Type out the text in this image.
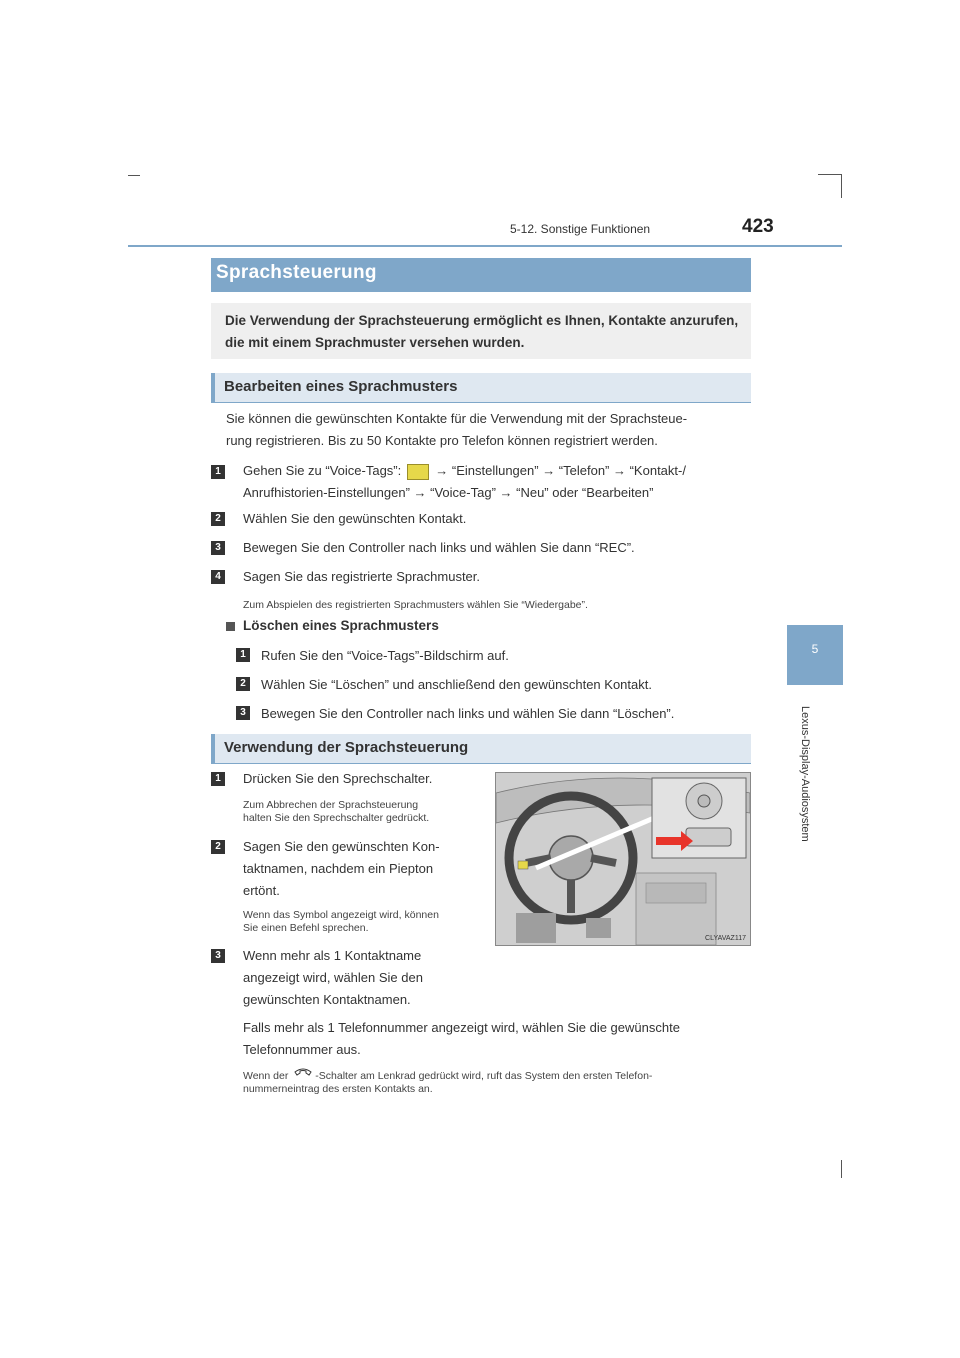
5-12. Sonstige Funktionen	423
5
Lexus-Display-Audiosystem
Sprachsteuerung
Die Verwendung der Sprachsteuerung ermöglicht es Ihnen, Kontakte anzurufen, die mit einem Sprachmuster versehen wurden.
Bearbeiten eines Sprachmusters
Sie können die gewünschten Kontakte für die Verwendung mit der Sprachsteue-
rung registrieren. Bis zu 50 Kontakte pro Telefon können registriert werden.
1	Gehen Sie zu “Voice-Tags”:	→ “Einstellungen” → “Telefon” → “Kontakt-/
Anrufhistorien-Einstellungen” → “Voice-Tag” → “Neu” oder “Bearbeiten”
2	Wählen Sie den gewünschten Kontakt.
3	Bewegen Sie den Controller nach links und wählen Sie dann “REC”.
4	Sagen Sie das registrierte Sprachmuster.
Zum Abspielen des registrierten Sprachmusters wählen Sie “Wiedergabe”.
Löschen eines Sprachmusters
1	Rufen Sie den “Voice-Tags”-Bildschirm auf.
2	Wählen Sie “Löschen” und anschließend den gewünschten Kontakt.
3	Bewegen Sie den Controller nach links und wählen Sie dann “Löschen”.
Verwendung der Sprachsteuerung
1	Drücken Sie den Sprechschalter.
Zum Abbrechen der Sprachsteuerung
halten Sie den Sprechschalter gedrückt.
2	Sagen Sie den gewünschten Kon-
taktnamen, nachdem ein Piepton
ertönt.
Wenn das Symbol angezeigt wird, können
Sie einen Befehl sprechen.
3	Wenn mehr als 1 Kontaktname
angezeigt wird, wählen Sie den
gewünschten Kontaktnamen.
Falls mehr als 1 Telefonnummer angezeigt wird, wählen Sie die gewünschte
Telefonnummer aus.
Wenn der	-Schalter am Lenkrad gedrückt wird, ruft das System den ersten Telefon-
nummerneintrag des ersten Kontakts an.
CLYAVAZ117
